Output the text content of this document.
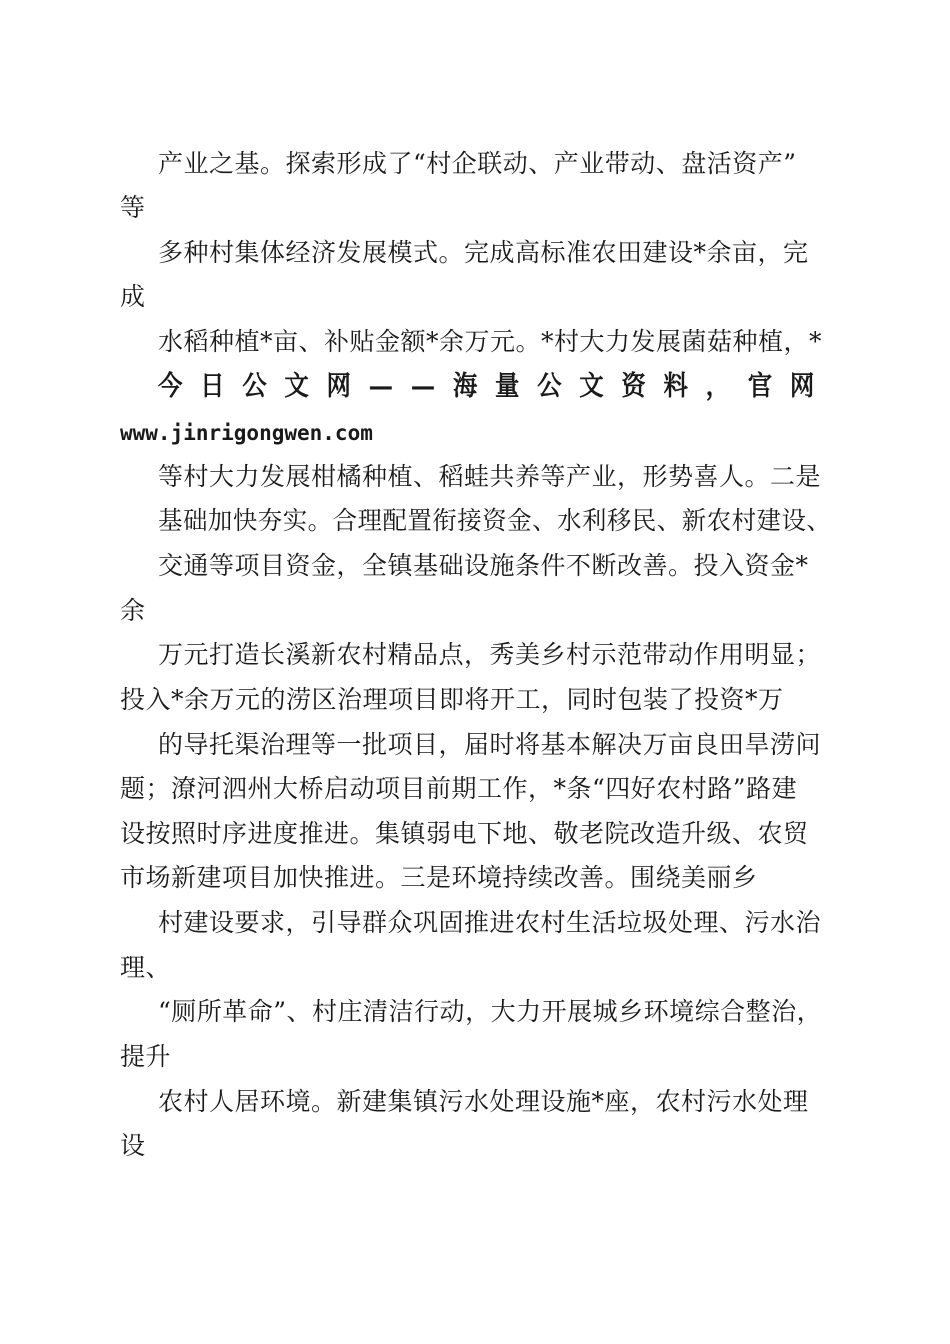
产业之基。探索形成了“村企联动、产业带动、盘活资产”
等
多种村集体经济发展模式。完成高标准农田建设*余亩，完
成
水稻种植*亩、补贴金额*余万元。*村大力发展菌菇种植，*
今日公文网——海量公文资料，官网
www.jinrigongwen.com
等村大力发展柑橘种植、稻蛙共养等产业，形势喜人。二是
基础加快夯实。合理配置衔接资金、水利移民、新农村建设、
交通等项目资金，全镇基础设施条件不断改善。投入资金*
余
万元打造长溪新农村精品点，秀美乡村示范带动作用明显；
投入*余万元的涝区治理项目即将开工，同时包装了投资*万
的导托渠治理等一批项目，届时将基本解决万亩良田旱涝问
题；潦河泗州大桥启动项目前期工作，*条“四好农村路”路建
设按照时序进度推进。集镇弱电下地、敬老院改造升级、农贸
市场新建项目加快推进。三是环境持续改善。围绕美丽乡
村建设要求，引导群众巩固推进农村生活垃圾处理、污水治
理、
“厕所革命”、村庄清洁行动，大力开展城乡环境综合整治，
提升
农村人居环境。新建集镇污水处理设施*座，农村污水处理
设
